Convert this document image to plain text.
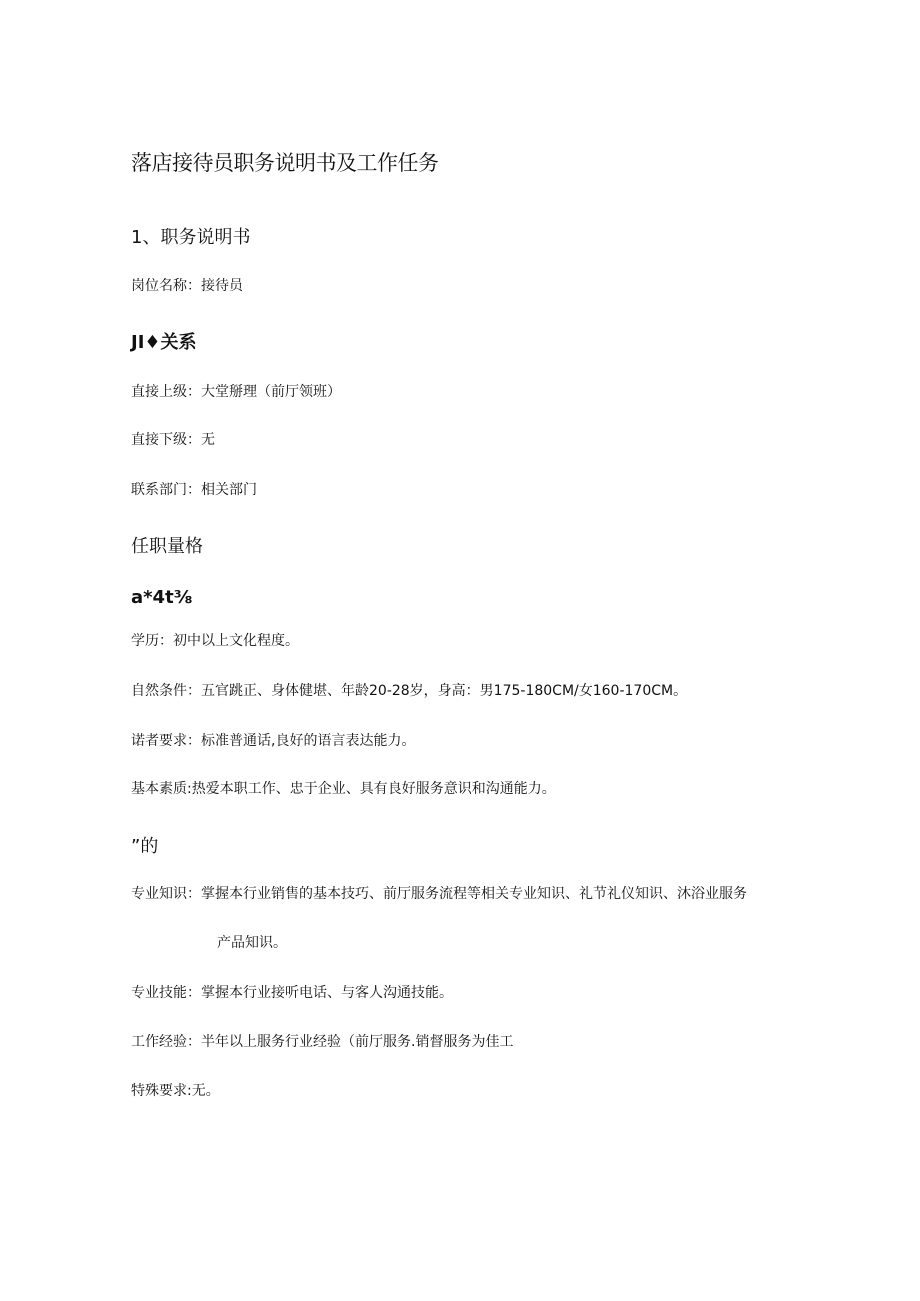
落店接待员职务说明书及工作任务
1、职务说明书
岗位名称：接待员
JI♦关系
直接上级：大堂掰理（前厅领班）
直接下级：无
联系部门：相关部门
任职量格
a*4t⅜
学历：初中以上文化程度。
自然条件：五官跳正、身体健堪、年龄20-28岁，身高：男175-180CM/女160-170CM。
诺者要求：标准普通话,良好的语言表达能力。
基本素质:热爱本职工作、忠于企业、具有良好服务意识和沟通能力。
”的
专业知识：掌握本行业销售的基本技巧、前厅服务流程等相关专业知识、礼节礼仪知识、沐浴业服务
产品知识。
专业技能：掌握本行业接听电话、与客人沟通技能。
工作经验：半年以上服务行业经验（前厅服务.销督服务为佳工
特殊要求:无。
